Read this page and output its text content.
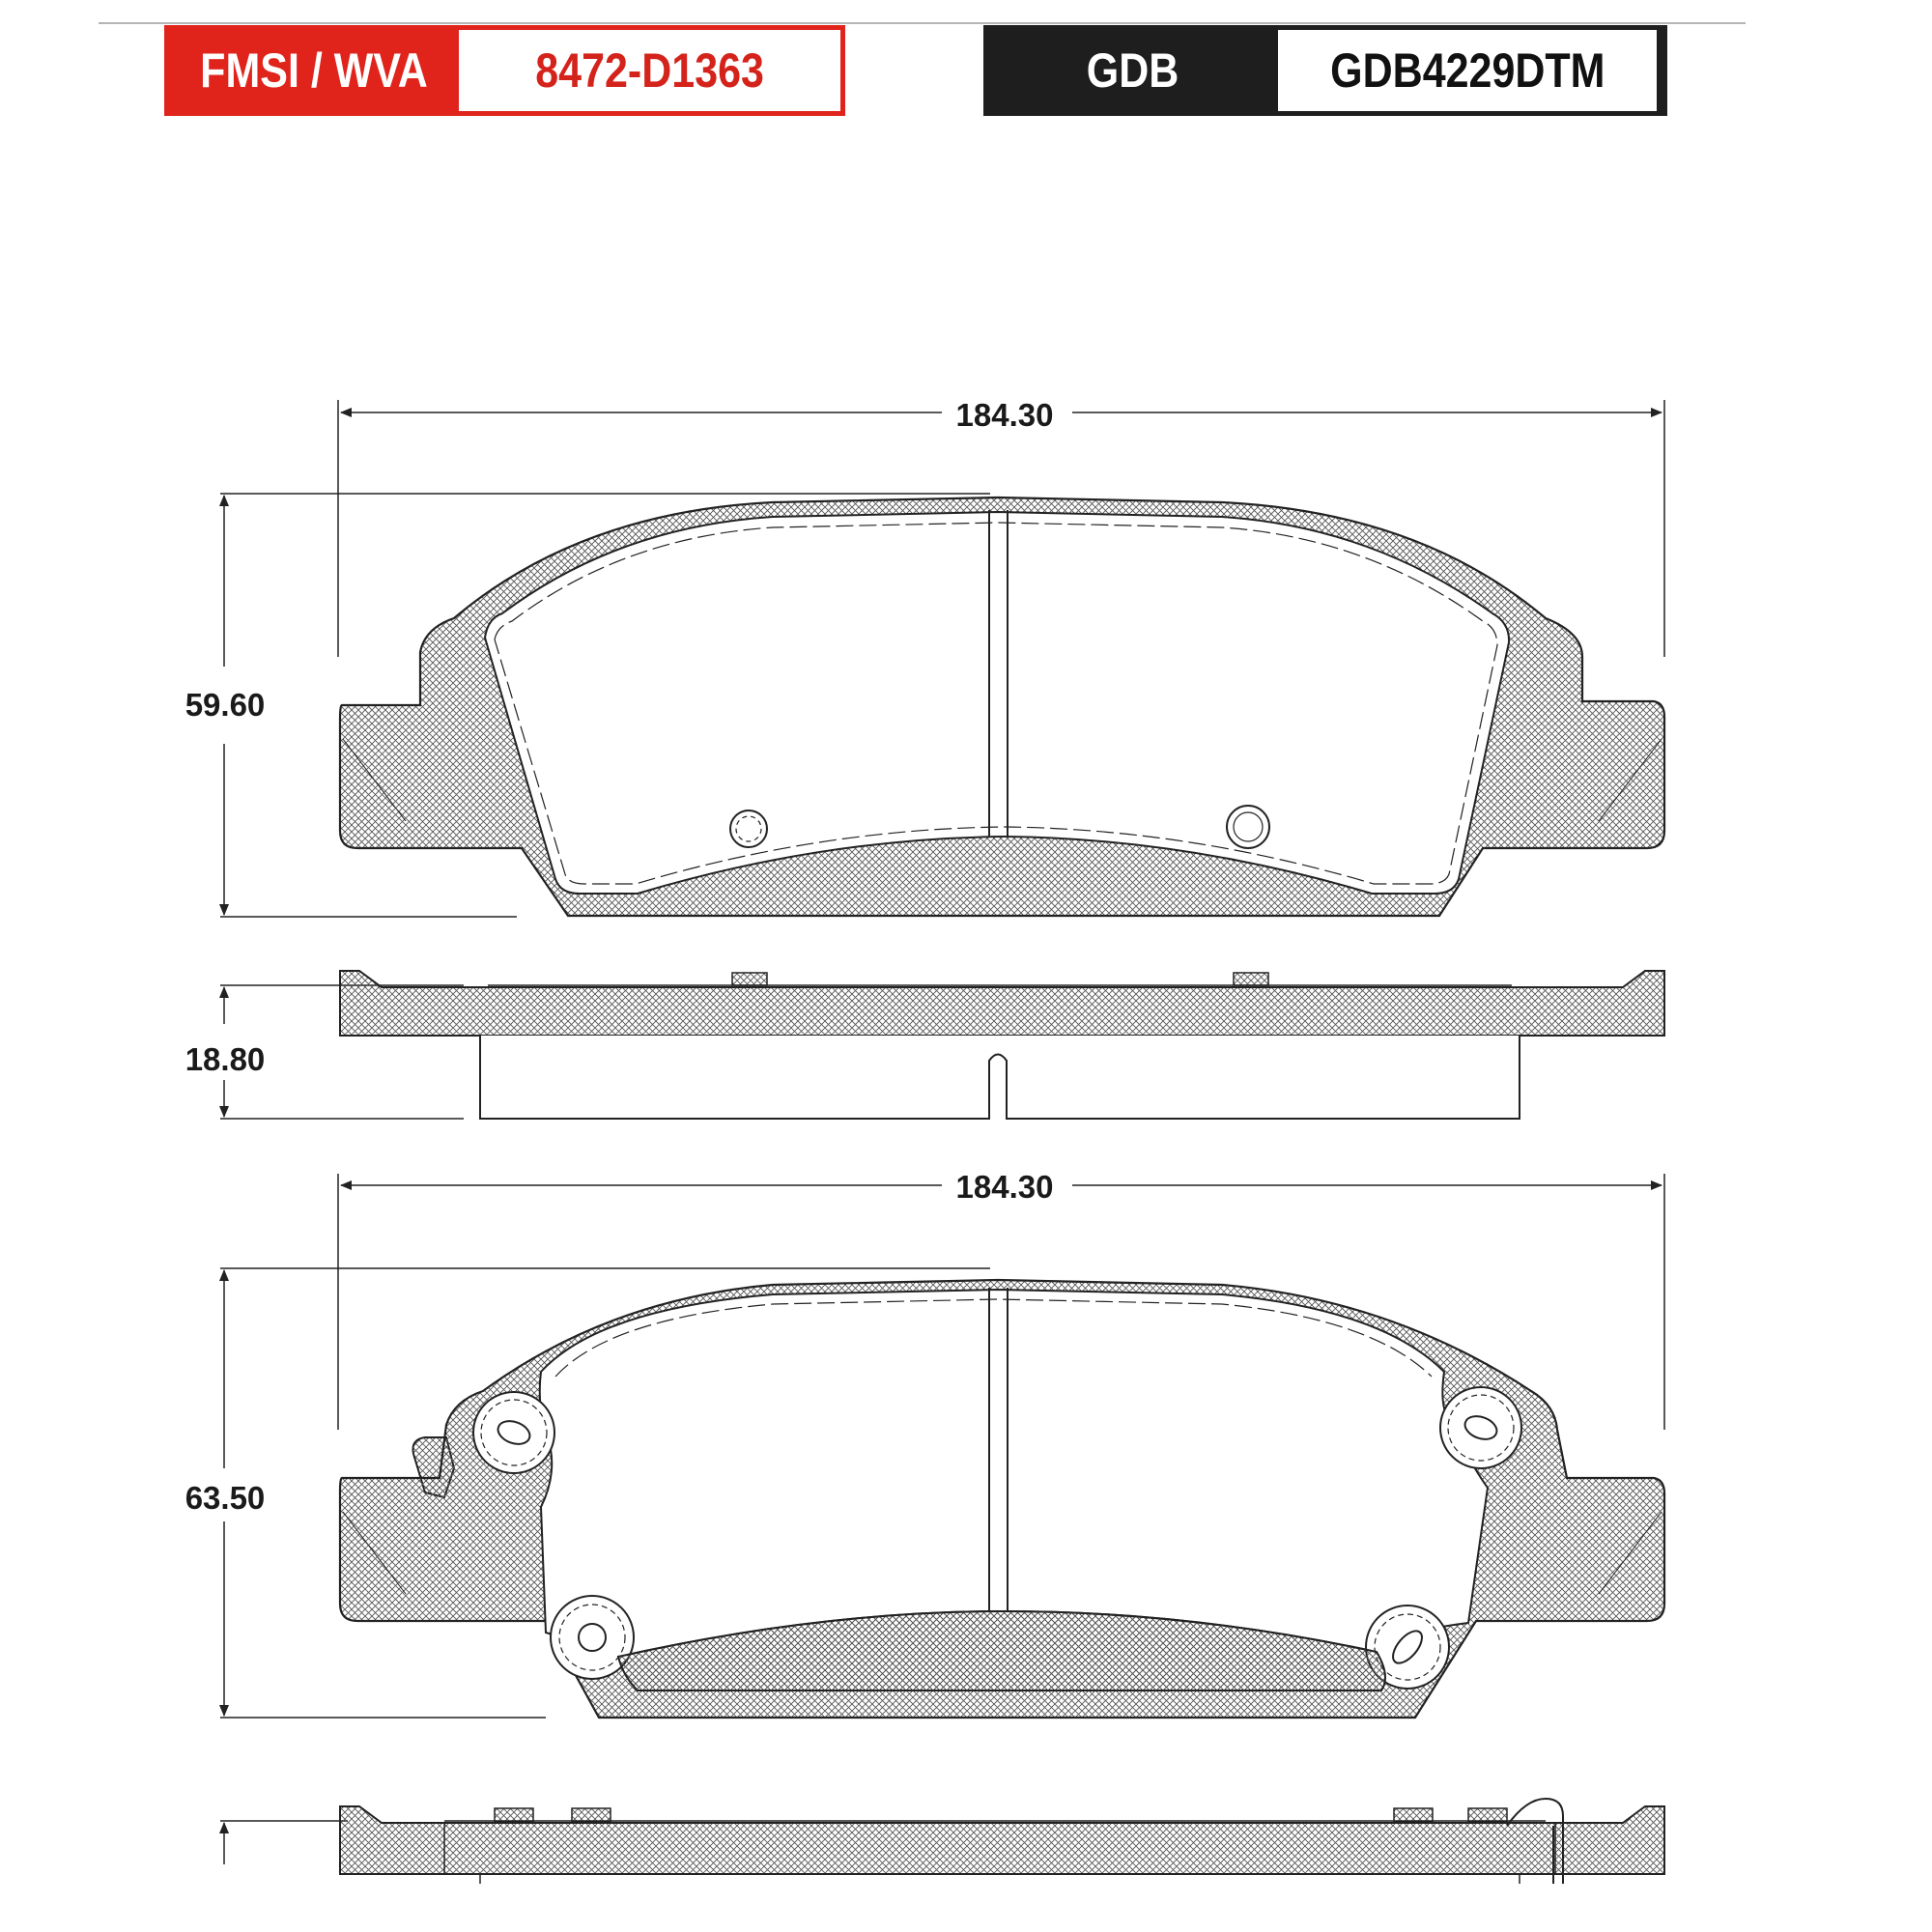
FMSI / WVA 8472-D1363	GDB	GDB4229DTM
184.30
59.60
18.80
184.30
63.50
